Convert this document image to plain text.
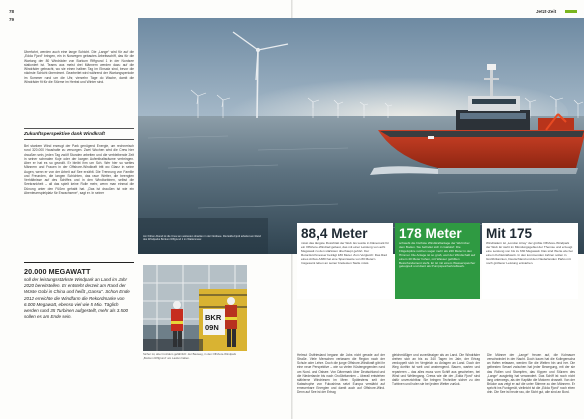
78
79
Jetzt-Zeit
Überfahrt, werden auch eine lange Schicht. Die „Lange“ wird für auf die „Edda Fjord“ bringen, ein in Norwegen gebautes Arbeitsschiff, das für die Wartung der 80 Windräder von Borkum Riffgrund 1 in der Nordsee stationiert ist. Teams aus meist drei Männern werden dazu auf die Windräder gebracht, wo sie einen halben Tag im Einsatz sind, bevor die nächste Schicht übernimmt. Gearbeitet wird während der Wartungsperiode im Sommer rund um die Uhr, vierzehn Tage do Wache, damit die Windräder fit für die Stürme im Herbst und Winter sind.
Zukunftsperspektive dank Windkraft
Bei starkem Wind erzeugt der Park genügend Energie, um rechnerisch rund 320.000 Haushalte zu versorgen. Zwei Wochen wird die Crew hier draußen sein, jeden Tag zwölf Stunden arbeiten und die verbleibende Zeit in seiner schmalen Koje oder der kargen Aufenthaltsräume verbringen. Aber er hat es so gewollt. Er bleibt ihm um Sch. Wer hier so weites Männern und Frauen in der Offshore-Windkraft tritt wo Glanz in seine Augen, wenn er von der Arbeit auf See erzählt. Die Trennung von Familie und Freunden, die langen Schichten, das raue Wetter, die beengten Verhältnisse auf des Schiffes und in den Windturbinen, selbst die Seekrankheit – all das spielt keine Rolle mehr, wenn man einmal die Dünung unter den Füßen gehabt hat. „Das ist draußen ist wie ein Abenteuerspielplatz für Erwachsene“, sagt er. In seiner
20.000 MEGAWATT
soll der leistungsstärkste Windpark an Land im Jahr 2020 bereitstellen. Er entsteht derzeit am Rand der Wüste Gobi in China und heißt „Gansu“. Schon Ende 2012 erreichte die Windfarm die Rekordmarke von 6.000 Megawatt, ebenso viel wie 5 Mio. Täglich werden rund 35 Turbinen aufgestellt, mehr als 3.500 sollen es am Ende sein.
Am frühen Abend ist die Crew am weitesten draußen in der Nordsee. Die Edda Fjord arbeitet am Rand des Windparks Borkum Riffgrund 1 im Wattenmeer.
BKR
09N
Sicher ist, aber trotzdem gefährlich: der Bauweg, in den Offshore-Windpark „Borkum Riffgrund“ am Laufen halten.
88,4 Meter
misst das längste Rotorblatt der Welt. Es wurde in Dänemark für ein Offshore-Windrad gebaut, das mit einer Leistung von acht Megawatt zu den stärksten überhaupt gehört. Der Rotordurchmesser beträgt 180 Meter. Zum Vergleich: Das Rad eines Airbus A380 hat eine Spannweite von 80 Metern. Insgesamt leben an seiner breitesten Stelle misst.
178 Meter
schwebt die höchste Windkraftanlage der Welt über dem Boden. Sie befindet sich in Gaildorf. Die Flügelspitze reichen sogar mehr als 240 Meter in den Himmel. Die Anlage ist so groß, weil der Windschaft auf einem 40 Meter hohen, mit Wasser gefüllten Betonfundament steht. Er ist mit einem Wasserspeicher gekoppelt und dient als Pumpspeicherkraftwerk.
Mit 175
Windrädern ist „London Array“ der größte Offshore-Windpark der Welt. Er steht im Mündungsgebiet der Themse und erzeugt eine Leistung von bis zu 630 Megawatt. Das sind Werte wie bei einem Kohlekraftwerk. In den kommenden Jahren sollen in Großbritannien, Deutschland und den Niederlanden Parks mit noch größerer Leistung entstehen.
Helmut Ostfriesland begann die Jobs nicht gerade auf der Straße. Viele Menschen verlassen die Region nach der Schule oder Lehre. Doch die junge Offshore-Windkraft gibt ihr eine neue Perspektive – wie so vielen Küstengegenden rund um Nord- und Ostsee. Von Dänemark über Deutschland und die Niederlande bis nach Großbritannien – überall entstehen stählerne Windriesen im Meer. Spätestens seit der Katastrophe von Fukushima setzt Europa verstärkt auf erneuerbare Energien und damit auch auf Offshore-Wind. Denn auf See ist der Ertrag
gleichmäßiger und zuverlässiger als an Land. Die Windräder drehen sich an bis zu 340 Tagen im Jahr, der Ertrag verdoppelt sich im Vergleich zu Anlagen an Land. Doch der Weg dorthin ist weit und anstrengend. Bauen, warten und reparieren – das alles muss vom Schiff aus geschehen, bei Wind und Wellengang. Crews wie die der „Edda Fjord“ sind dafür unverzichtbar. Sie bringen Techniker sicher zu den Turbinen und holen sie bei jedem Wetter zurück.
Die Männer der „Lange“ freuen auf, die Kolmauer verschwindet in der Nacht. Doch kaum hat die Kollegenscha an Hafen erfassen, werden Sie die Welten hin und her. Die gelbesten Sessel zwischen hat jeder Bewegung, mit der sie das Rollen und Stampfen, das Kippen und Stürzen des „Lange“ ausgiebig hat verwandert. Das Schiff ist noch nicht lang unterwegs, als der Kapitän die Motoren drosselt. Von der Brücke aus zeigt er auf die unter Stimme zu den Männern. Er spricht ins Funkgerät, vielleicht ist die „Edda Fjord“ noch eben drin. Die See ist heute rau, die Sicht gut, alle sind an Bord.
